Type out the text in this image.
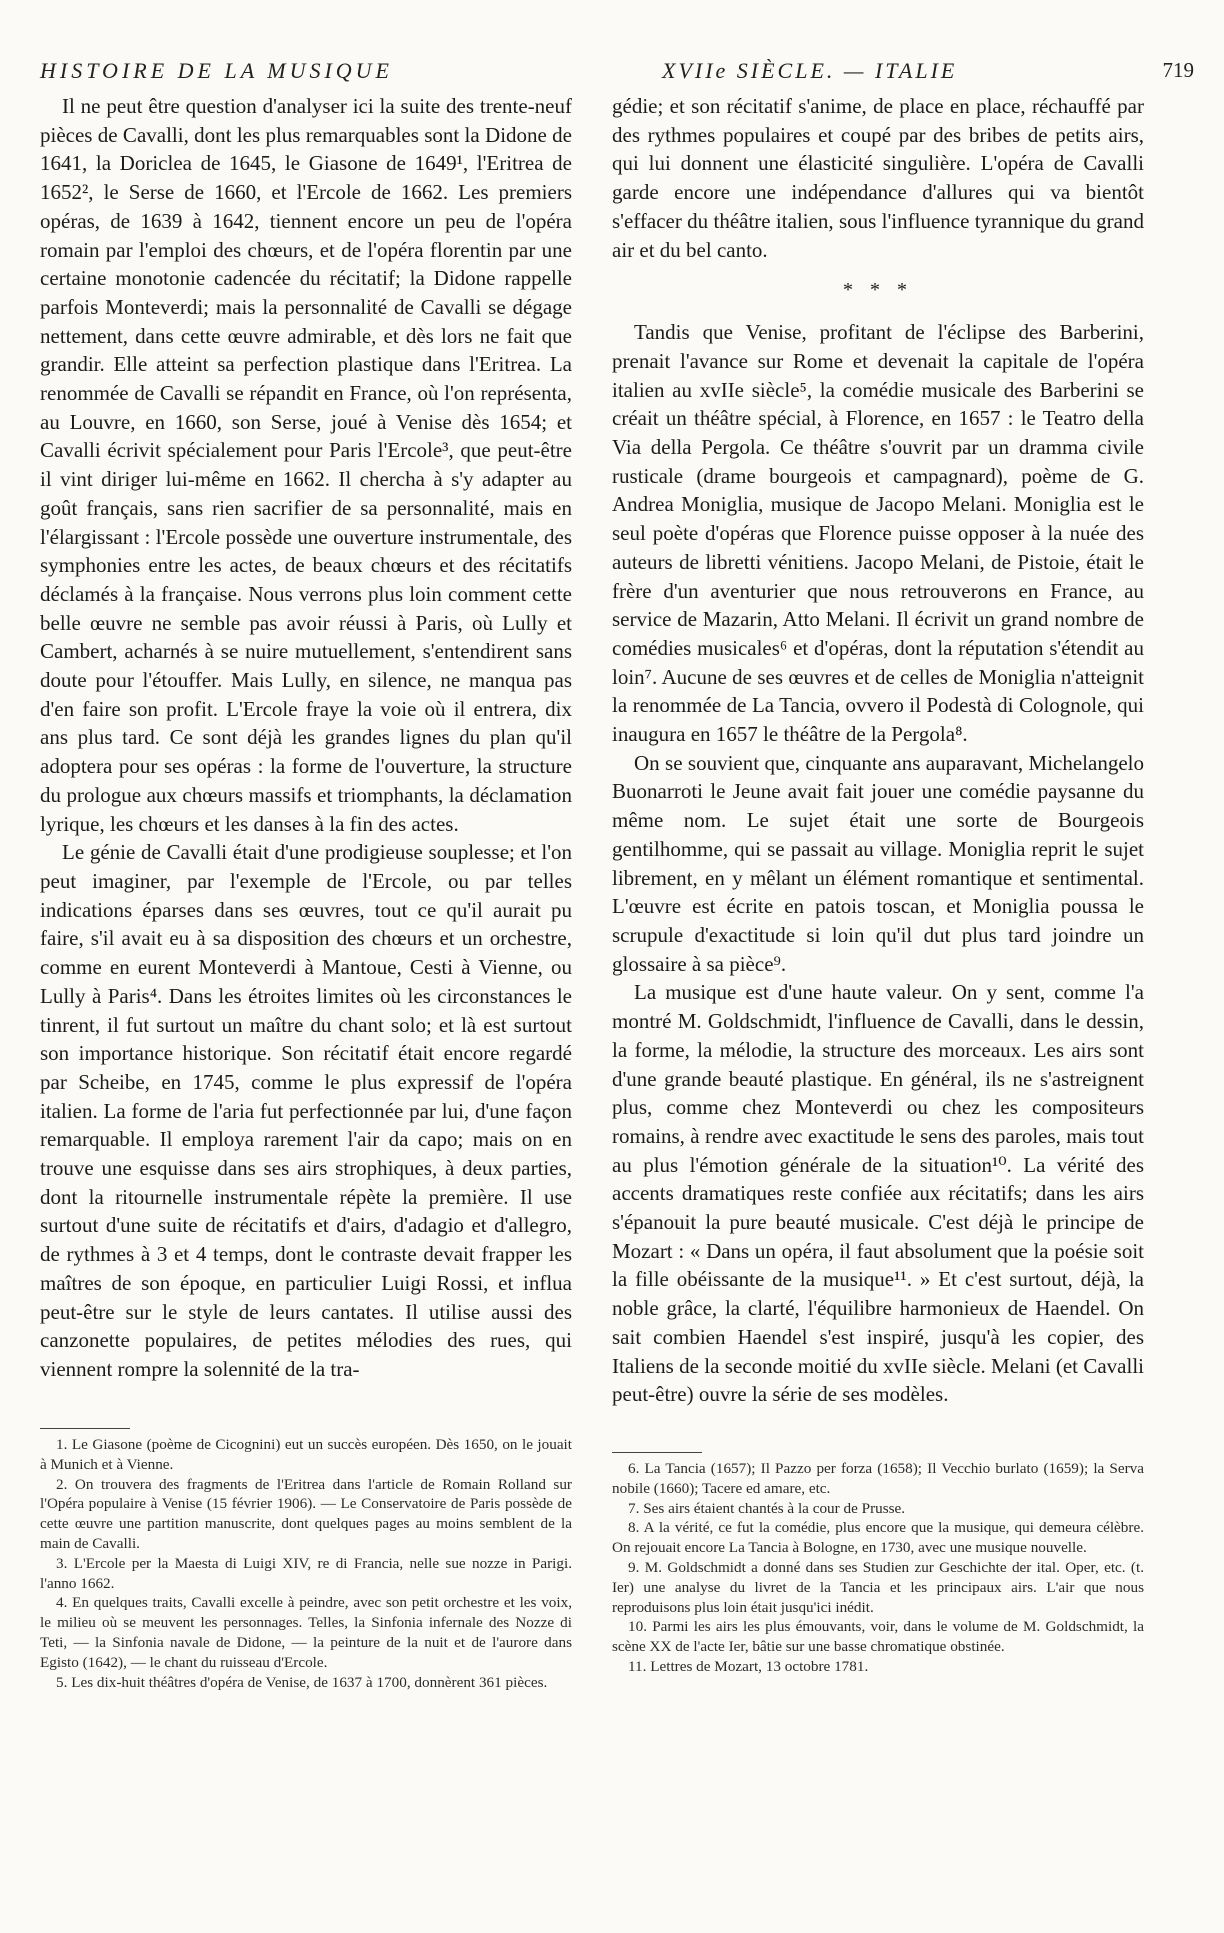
HISTOIRE DE LA MUSIQUE	XVIIe SIÈCLE. — ITALIE	719

Il ne peut être question d'analyser ici la suite des trente-neuf pièces de Cavalli, dont les plus remarquables sont la Didone de 1641, la Doriclea de 1645, le Giasone de 1649¹, l'Eritrea de 1652², le Serse de 1660, et l'Ercole de 1662. Les premiers opéras, de 1639 à 1642, tiennent encore un peu de l'opéra romain par l'emploi des chœurs, et de l'opéra florentin par une certaine monotonie cadencée du récitatif; la Didone rappelle parfois Monteverdi; mais la personnalité de Cavalli se dégage nettement, dans cette œuvre admirable, et dès lors ne fait que grandir. Elle atteint sa perfection plastique dans l'Eritrea. La renommée de Cavalli se répandit en France, où l'on représenta, au Louvre, en 1660, son Serse, joué à Venise dès 1654; et Cavalli écrivit spécialement pour Paris l'Ercole³, que peut-être il vint diriger lui-même en 1662. Il chercha à s'y adapter au goût français, sans rien sacrifier de sa personnalité, mais en l'élargissant : l'Ercole possède une ouverture instrumentale, des symphonies entre les actes, de beaux chœurs et des récitatifs déclamés à la française. Nous verrons plus loin comment cette belle œuvre ne semble pas avoir réussi à Paris, où Lully et Cambert, acharnés à se nuire mutuellement, s'entendirent sans doute pour l'étouffer. Mais Lully, en silence, ne manqua pas d'en faire son profit. L'Ercole fraye la voie où il entrera, dix ans plus tard. Ce sont déjà les grandes lignes du plan qu'il adoptera pour ses opéras : la forme de l'ouverture, la structure du prologue aux chœurs massifs et triomphants, la déclamation lyrique, les chœurs et les danses à la fin des actes.

Le génie de Cavalli était d'une prodigieuse souplesse; et l'on peut imaginer, par l'exemple de l'Ercole, ou par telles indications éparses dans ses œuvres, tout ce qu'il aurait pu faire, s'il avait eu à sa disposition des chœurs et un orchestre, comme en eurent Monteverdi à Mantoue, Cesti à Vienne, ou Lully à Paris⁴. Dans les étroites limites où les circonstances le tinrent, il fut surtout un maître du chant solo; et là est surtout son importance historique. Son récitatif était encore regardé par Scheibe, en 1745, comme le plus expressif de l'opéra italien. La forme de l'aria fut perfectionnée par lui, d'une façon remarquable. Il employa rarement l'air da capo; mais on en trouve une esquisse dans ses airs strophiques, à deux parties, dont la ritournelle instrumentale répète la première. Il use surtout d'une suite de récitatifs et d'airs, d'adagio et d'allegro, de rythmes à 3 et 4 temps, dont le contraste devait frapper les maîtres de son époque, en particulier Luigi Rossi, et influa peut-être sur le style de leurs cantates. Il utilise aussi des canzonette populaires, de petites mélodies des rues, qui viennent rompre la solennité de la tra-

gédie; et son récitatif s'anime, de place en place, réchauffé par des rythmes populaires et coupé par des bribes de petits airs, qui lui donnent une élasticité singulière. L'opéra de Cavalli garde encore une indépendance d'allures qui va bientôt s'effacer du théâtre italien, sous l'influence tyrannique du grand air et du bel canto.

* * *

Tandis que Venise, profitant de l'éclipse des Barberini, prenait l'avance sur Rome et devenait la capitale de l'opéra italien au xvIIe siècle⁵, la comédie musicale des Barberini se créait un théâtre spécial, à Florence, en 1657 : le Teatro della Via della Pergola. Ce théâtre s'ouvrit par un dramma civile rusticale (drame bourgeois et campagnard), poème de G. Andrea Moniglia, musique de Jacopo Melani. Moniglia est le seul poète d'opéras que Florence puisse opposer à la nuée des auteurs de libretti vénitiens. Jacopo Melani, de Pistoie, était le frère d'un aventurier que nous retrouverons en France, au service de Mazarin, Atto Melani. Il écrivit un grand nombre de comédies musicales⁶ et d'opéras, dont la réputation s'étendit au loin⁷. Aucune de ses œuvres et de celles de Moniglia n'atteignit la renommée de La Tancia, ovvero il Podestà di Colognole, qui inaugura en 1657 le théâtre de la Pergola⁸.

On se souvient que, cinquante ans auparavant, Michelangelo Buonarroti le Jeune avait fait jouer une comédie paysanne du même nom. Le sujet était une sorte de Bourgeois gentilhomme, qui se passait au village. Moniglia reprit le sujet librement, en y mêlant un élément romantique et sentimental. L'œuvre est écrite en patois toscan, et Moniglia poussa le scrupule d'exactitude si loin qu'il dut plus tard joindre un glossaire à sa pièce⁹.

La musique est d'une haute valeur. On y sent, comme l'a montré M. Goldschmidt, l'influence de Cavalli, dans le dessin, la forme, la mélodie, la structure des morceaux. Les airs sont d'une grande beauté plastique. En général, ils ne s'astreignent plus, comme chez Monteverdi ou chez les compositeurs romains, à rendre avec exactitude le sens des paroles, mais tout au plus l'émotion générale de la situation¹⁰. La vérité des accents dramatiques reste confiée aux récitatifs; dans les airs s'épanouit la pure beauté musicale. C'est déjà le principe de Mozart : « Dans un opéra, il faut absolument que la poésie soit la fille obéissante de la musique¹¹. » Et c'est surtout, déjà, la noble grâce, la clarté, l'équilibre harmonieux de Haendel. On sait combien Haendel s'est inspiré, jusqu'à les copier, des Italiens de la seconde moitié du xvIIe siècle. Melani (et Cavalli peut-être) ouvre la série de ses modèles.

1. Le Giasone (poème de Cicognini) eut un succès européen. Dès 1650, on le jouait à Munich et à Vienne.

2. On trouvera des fragments de l'Eritrea dans l'article de Romain Rolland sur l'Opéra populaire à Venise (15 février 1906). — Le Conservatoire de Paris possède de cette œuvre une partition manuscrite, dont quelques pages au moins semblent de la main de Cavalli.

3. L'Ercole per la Maesta di Luigi XIV, re di Francia, nelle sue nozze in Parigi. l'anno 1662.

4. En quelques traits, Cavalli excelle à peindre, avec son petit orchestre et les voix, le milieu où se meuvent les personnages. Telles, la Sinfonia infernale des Nozze di Teti, — la Sinfonia navale de Didone, — la peinture de la nuit et de l'aurore dans Egisto (1642), — le chant du ruisseau d'Ercole.

5. Les dix-huit théâtres d'opéra de Venise, de 1637 à 1700, donnèrent 361 pièces.

6. La Tancia (1657); Il Pazzo per forza (1658); Il Vecchio burlato (1659); la Serva nobile (1660); Tacere ed amare, etc.

7. Ses airs étaient chantés à la cour de Prusse.

8. A la vérité, ce fut la comédie, plus encore que la musique, qui demeura célèbre. On rejouait encore La Tancia à Bologne, en 1730, avec une musique nouvelle.

9. M. Goldschmidt a donné dans ses Studien zur Geschichte der ital. Oper, etc. (t. Ier) une analyse du livret de la Tancia et les principaux airs. L'air que nous reproduisons plus loin était jusqu'ici inédit.

10. Parmi les airs les plus émouvants, voir, dans le volume de M. Goldschmidt, la scène XX de l'acte Ier, bâtie sur une basse chromatique obstinée.

11. Lettres de Mozart, 13 octobre 1781.
